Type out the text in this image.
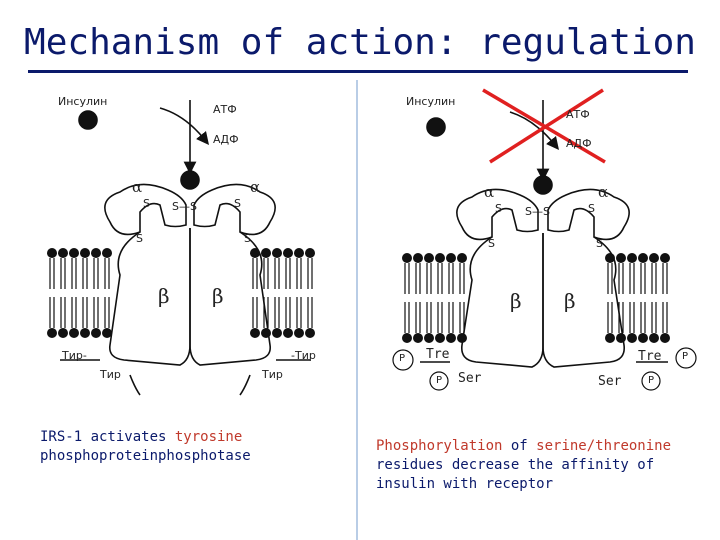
Mechanism of action: regulation
Инсулин
АТФ
АДФ
α	α
S S—S	S
S	S
β β
Тир-	-Тир
Тир	Тир
Инсулин
АТФ
АДФ
α	α
S S—S	S
S	S
β β
P
P
P
P
Tre
Ser
Tre
Ser
IRS-1 activates tyrosine
phosphoproteinphosphotase
Phosphorylation of serine/threonine
residues decrease the affinity of insulin with receptor
